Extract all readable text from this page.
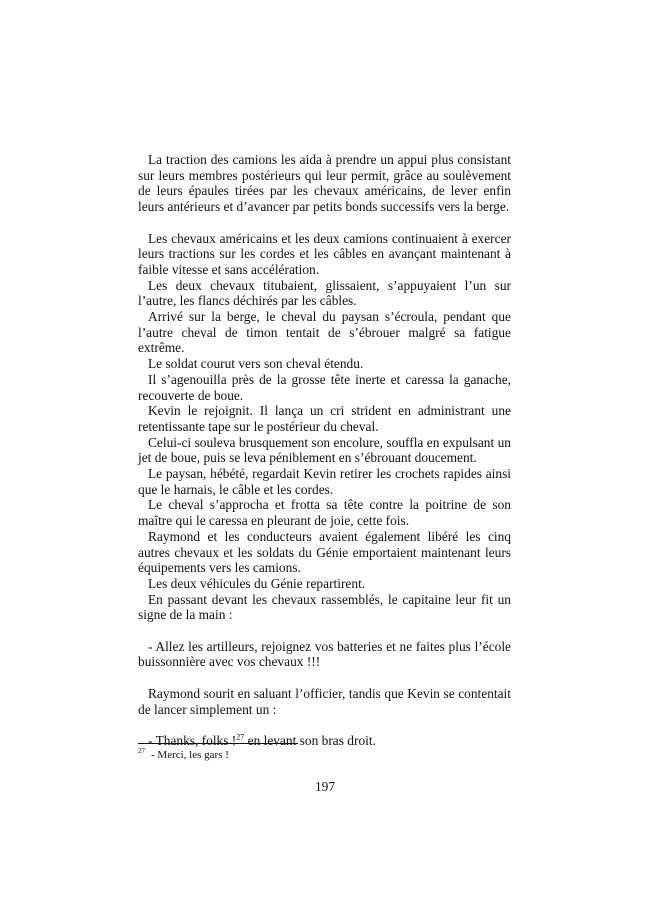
La traction des camions les aida à prendre un appui plus consistant sur leurs membres postérieurs qui leur permit, grâce au soulèvement de leurs épaules tirées par les chevaux américains, de lever enfin leurs antérieurs et d’avancer par petits bonds successifs vers la berge.

Les chevaux américains et les deux camions continuaient à exercer leurs tractions sur les cordes et les câbles en avançant maintenant à faible vitesse et sans accélération.

Les deux chevaux titubaient, glissaient, s’appuyaient l’un sur l’autre, les flancs déchirés par les câbles.

Arrivé sur la berge, le cheval du paysan s’écroula, pendant que l’autre cheval de timon tentait de s’ébrouer malgré sa fatigue extrême.

Le soldat courut vers son cheval étendu.

Il s’agenouilla près de la grosse tête inerte et caressa la ganache, recouverte de boue.

Kevin le rejoignit. Il lança un cri strident en administrant une retentissante tape sur le postérieur du cheval.

Celui-ci souleva brusquement son encolure, souffla en expulsant un jet de boue, puis se leva péniblement en s’ébrouant doucement.

Le paysan, hébété, regardait Kevin retirer les crochets rapides ainsi que le harnais, le câble et les cordes.

Le cheval s’approcha et frotta sa tête contre la poitrine de son maître qui le caressa en pleurant de joie, cette fois.

Raymond et les conducteurs avaient également libéré les cinq autres chevaux et les soldats du Génie emportaient maintenant leurs équipements vers les camions.

Les deux véhicules du Génie repartirent.

En passant devant les chevaux rassemblés, le capitaine leur fit un signe de la main :

- Allez les artilleurs, rejoignez vos batteries et ne faites plus l’école buissonnière avec vos chevaux !!!

Raymond sourit en saluant l’officier, tandis que Kevin se contentait de lancer simplement un :

- Thanks, folks !$^{27}$ en levant son bras droit.

$^{27}$ - Merci, les gars !
197
